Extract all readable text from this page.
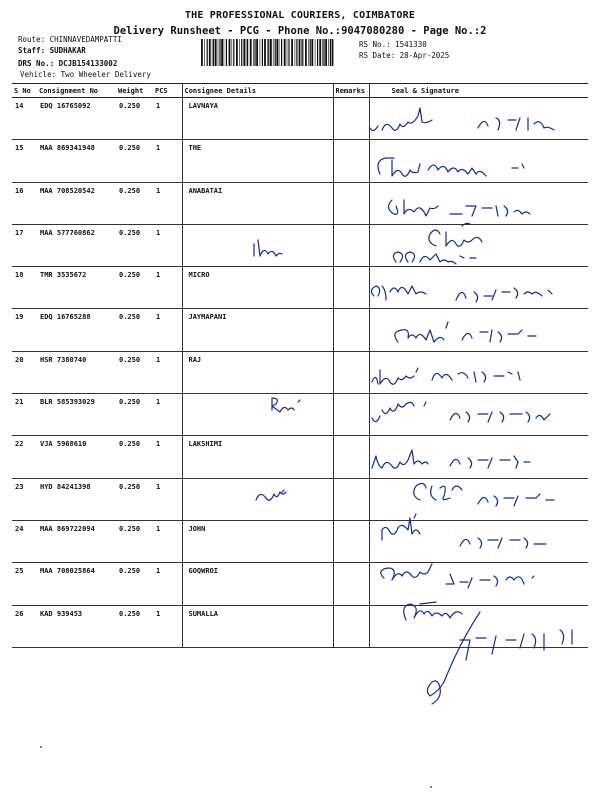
THE PROFESSIONAL COURIERS, COIMBATORE
Delivery Runsheet - PCG - Phone No.:9047080280 - Page No.:2
Route: CHINNAVEDAMPATTI
Staff: SUDHAKAR
DRS No.: DCJB154133002
Vehicle: Two Wheeler Delivery
RS No.: 1541330
RS Date: 28-Apr-2025
S No	Consignment No	Weight	PCS	Consignee Details	Remarks	Seal & Signature
14	EDQ 16765092	0.250	1	LAVNAYA		
15	MAA 869341948	0.250	1	THE		
16	MAA 708520542	0.250	1	ANABATAI		
17	MAA 577760862	0.250	1			
18	TMR 3535672	0.250	1	MICRO		
19	EDQ 16765288	0.250	1	JAYMAPANI		
20	HSR 7380740	0.250	1	RAJ		
21	BLR 585393029	0.250	1			
22	VJA 5968610	0.250	1	LAKSHIMI		
23	HYD 84241398	0.250	1			
24	MAA 869722094	0.250	1	JOHN		
25	MAA 708025864	0.250	1	GOQWROI		
26	KAD 939453	0.250	1	SUMALLA		
